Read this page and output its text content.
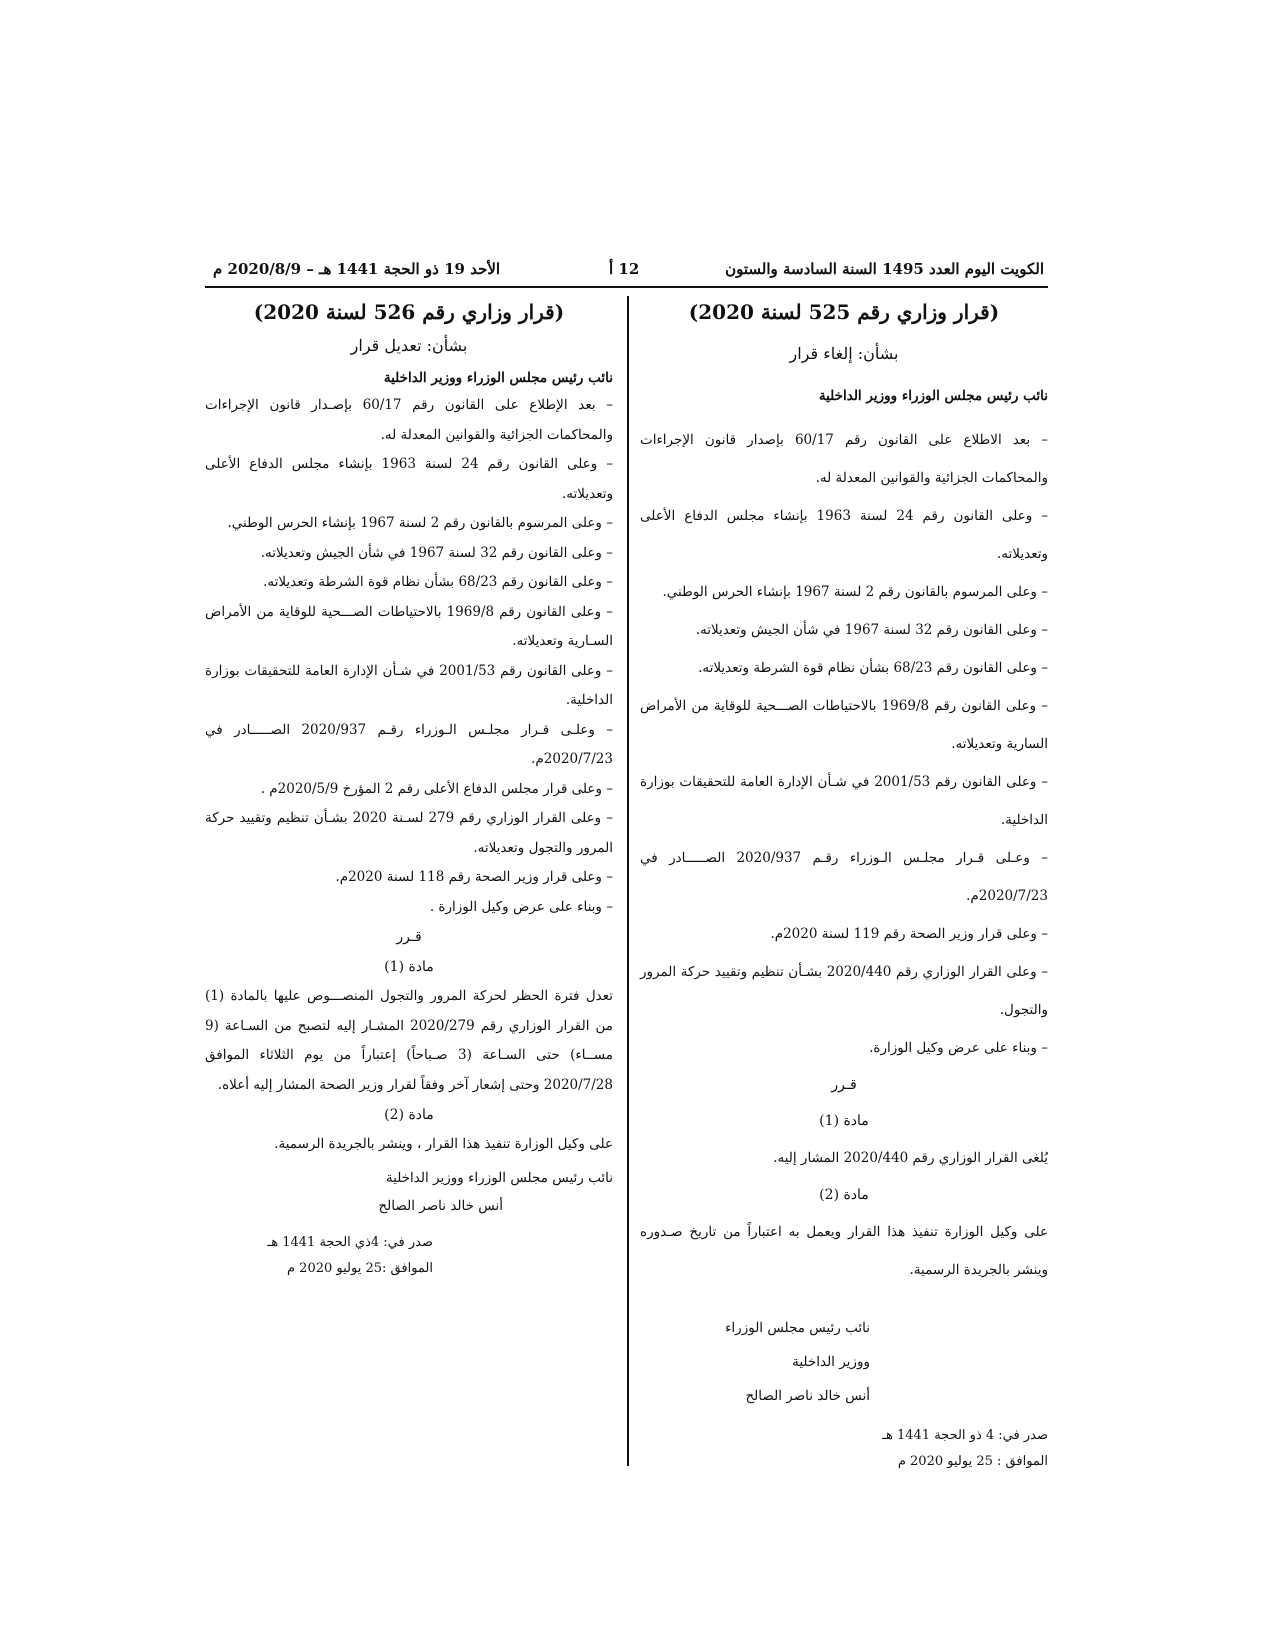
الكويت اليوم العدد 1495 السنة السادسة والستون
12 أ
الأحد 19 ذو الحجة 1441 هـ – 2020/8/9 م
(قرار وزاري رقم 525 لسنة 2020)
بشأن: إلغاء قرار
نائب رئيس مجلس الوزراء ووزير الداخلية

– بعد الاطلاع على القانون رقم 60/17 بإصدار قانون الإجراءات والمحاكمات الجزائية والقوانين المعدلة له.

– وعلى القانون رقم 24 لسنة 1963 بإنشاء مجلس الدفاع الأعلى وتعديلاته.

– وعلى المرسوم بالقانون رقم 2 لسنة 1967 بإنشاء الحرس الوطني.

– وعلى القانون رقم 32 لسنة 1967 في شأن الجيش وتعديلاته.

– وعلى القانون رقم 68/23 بشأن نظام قوة الشرطة وتعديلاته.

– وعلى القانون رقم 1969/8 بالاحتياطات الصـــحية للوقاية من الأمراض السارية وتعديلاته.

– وعلى القانون رقم 2001/53 في شـأن الإدارة العامة للتحقيقات بوزارة الداخلية.

– وعـلى قـرار مجلـس الـوزراء رقـم 2020/937 الصـــــادر في 2020/7/23م.

– وعلى قرار وزير الصحة رقم 119 لسنة 2020م.

– وعلى القرار الوزاري رقم 2020/440 بشـأن تنظيم وتقييد حركة المرور والتجول.

– وبناء على عرض وكيل الوزارة.

قـرر
مادة (1)

يُلغى القرار الوزاري رقم 2020/440 المشار إليه.

مادة (2)

على وكيل الوزارة تنفيذ هذا القرار ويعمل به اعتباراً من تاريخ صـدوره وينشر بالجريدة الرسمية.

نائب رئيس مجلس الوزراء
ووزير الداخلية
أنس خالد ناصر الصالح
صدر في: 4 ذو الحجة 1441 هـ
الموافق : 25 يوليو 2020 م
(قرار وزاري رقم 526 لسنة 2020)
بشأن: تعديل قرار
نائب رئيس مجلس الوزراء ووزير الداخلية

– بعد الإطلاع على القانون رقم 60/17 بإصـدار قانون الإجراءات والمحاكمات الجزائية والقوانين المعدلة له.

– وعلى القانون رقم 24 لسنة 1963 بإنشاء مجلس الدفاع الأعلى وتعديلاته.

– وعلى المرسوم بالقانون رقم 2 لسنة 1967 بإنشاء الحرس الوطني.

– وعلى القانون رقم 32 لسنة 1967 في شأن الجيش وتعديلاته.

– وعلى القانون رقم 68/23 بشأن نظام قوة الشرطة وتعديلاته.

– وعلى القانون رقم 1969/8 بالاحتياطات الصـــحية للوقاية من الأمراض السـارية وتعديلاته.

– وعلى القانون رقم 2001/53 في شـأن الإدارة العامة للتحقيقات بوزارة الداخلية.

– وعلـى قـرار مجلـس الـوزراء رقـم 2020/937 الصـــــادر في 2020/7/23م.

– وعلى قرار مجلس الدفاع الأعلى رقم 2 المؤرخ 2020/5/9م .

– وعلى القرار الوزاري رقم 279 لسـنة 2020 بشـأن تنظيم وتقييد حركة المرور والتجول وتعديلاته.

– وعلى قرار وزير الصحة رقم 118 لسنة 2020م.

– وبناء على عرض وكيل الوزارة .

قـرر
مادة (1)

تعدل فترة الحظر لحركة المرور والتجول المنصـــوص عليها بالمادة (1) من القرار الوزاري رقم 2020/279 المشـار إليه لتصبح من السـاعة (9 مســاء) حتى السـاعة (3 صـباحاً) إعتباراً من يوم الثلاثاء الموافق 2020/7/28 وحتى إشعار آخر وفقاً لقرار وزير الصحة المشار إليه أعلاه.

مادة (2)

على وكيل الوزارة تنفيذ هذا القرار ، وينشر بالجريدة الرسمية.

نائب رئيس مجلس الوزراء ووزير الداخلية
أنس خالد ناصر الصالح
صدر في: 4ذي الحجة 1441 هـ
الموافق :25 يوليو 2020 م
